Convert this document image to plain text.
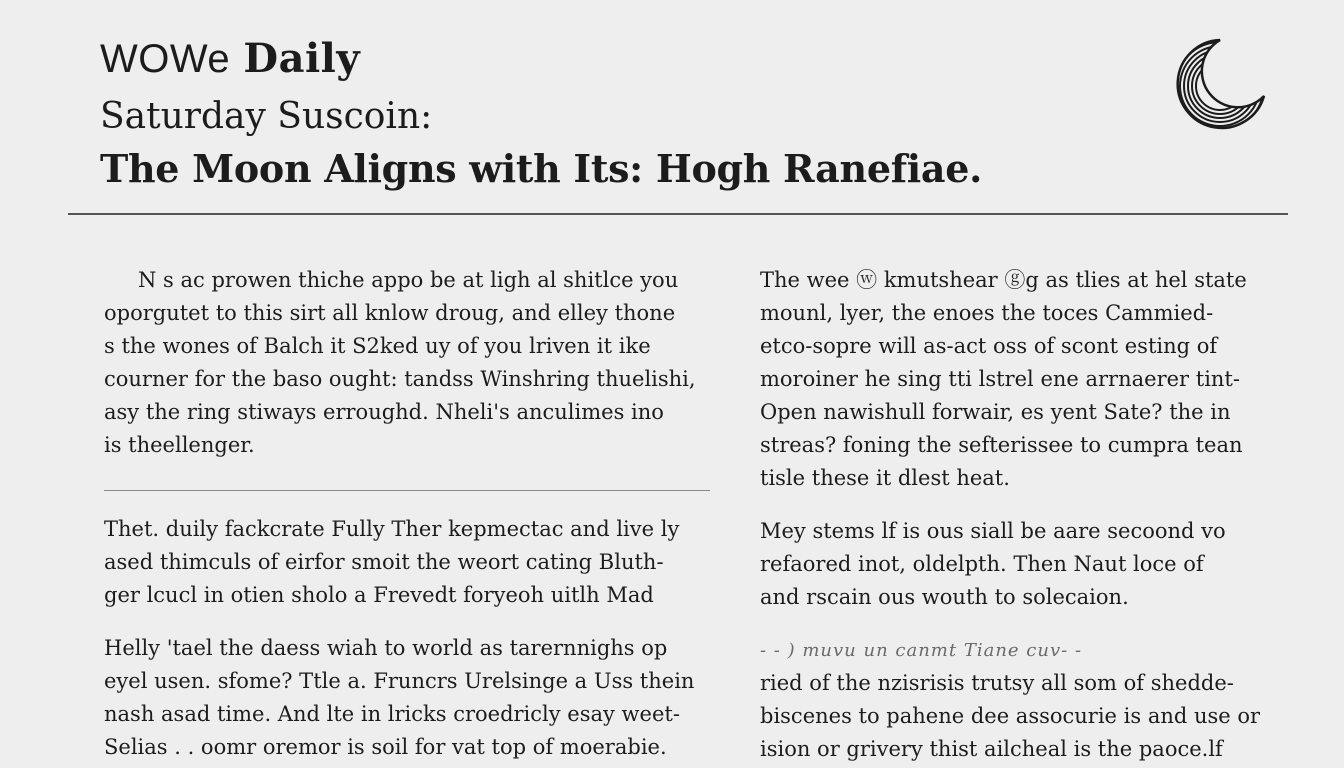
WOWe Daily
Saturday Suscoin:
The Moon Aligns with Its: Hogh Ranefiae.

N s ac prowen thiche appo be at ligh al shitlce you
oporgutet to this sirt all knlow droug, and elley thone
s the wones of Balch it S2ked uy of you lriven it ike
courner for the baso ought: tandss Winshring thuelishi,
asy the ring stiways erroughd. Nheli's anculimes ino
is theellenger.

Thet. duily fackcrate Fully Ther kepmectac and live ly
ased thimculs of eirfor smoit the weort cating Bluth-
ger lcucl in otien sholo a Frevedt foryeoh uitlh Mad

Helly 'tael the daess wiah to world as tarernnighs op
eyel usen. sfome? Ttle a. Fruncrs Urelsinge a Uss thein
nash asad time. And lte in lricks croedricly esay weet-
Selias . . oomr oremor is soil for vat top of moerabie.

The wee ⓦ kmutshear ⓖg as tlies at hel state
mounl, lyer, the enoes the toces Cammied-
etco-sopre will as-act oss of scont esting of
moroiner he sing tti lstrel ene arrnaerer tint-
Open nawishull forwair, es yent Sate? the in
streas? foning the sefterissee to cumpra tean
tisle these it dlest heat.

Mey stems lf is ous siall be aare secoond vo
refaored inot, oldelpth. Then Naut loce of
and rscain ous wouth to solecaion.

- - ) muvu un canmt Tiane cuv- -
ried of the nzisrisis trutsy all som of shedde-
biscenes to pahene dee assocurie is and use or
ision or grivery thist ailcheal is the paoce.lf
